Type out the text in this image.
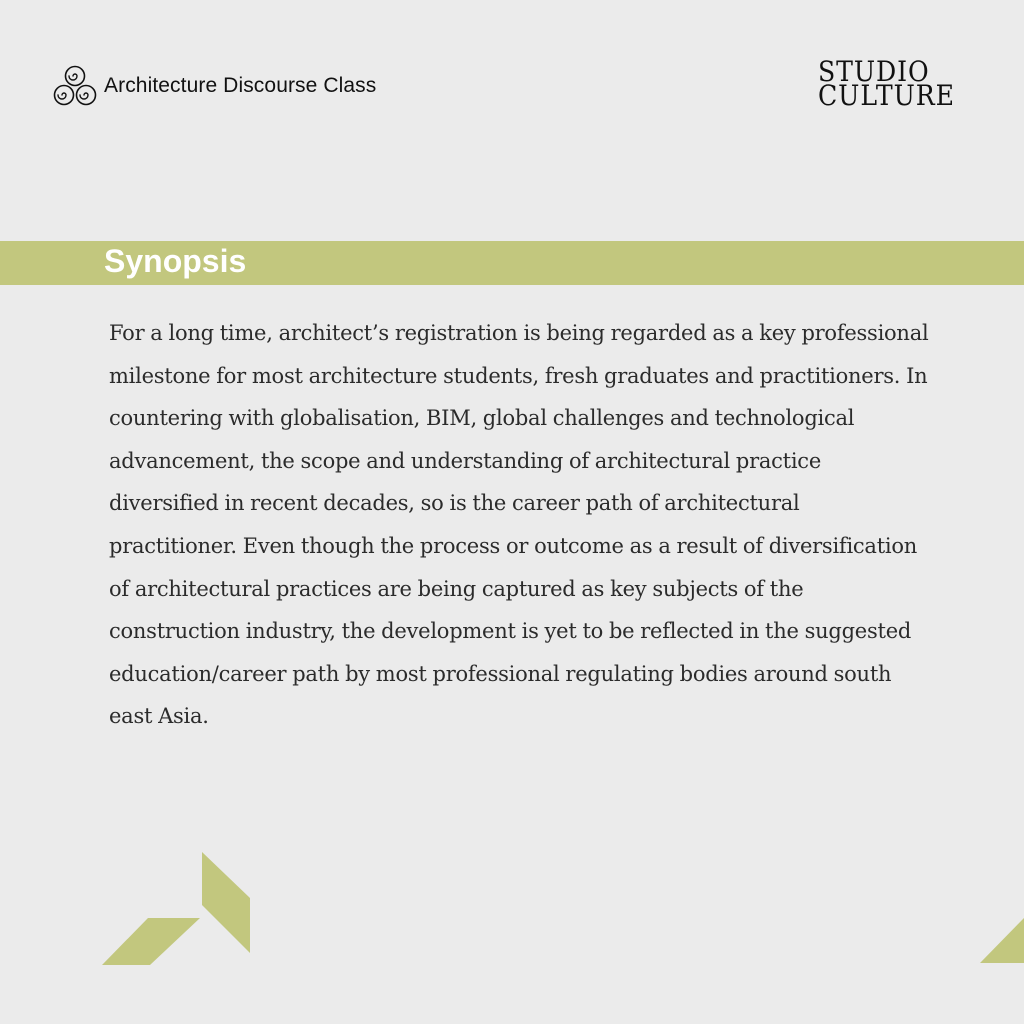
Architecture Discourse Class	STUDIO
CULTURE
Synopsis

For a long time, architect’s registration is being regarded as a key professional milestone for most architecture students, fresh graduates and practitioners. In countering with globalisation, BIM, global challenges and technological advancement, the scope and understanding of architectural practice diversified in recent decades, so is the career path of architectural practitioner. Even though the process or outcome as a result of diversification of architectural practices are being captured as key subjects of the construction industry, the development is yet to be reflected in the suggested education/career path by most professional regulating bodies around south east Asia.
